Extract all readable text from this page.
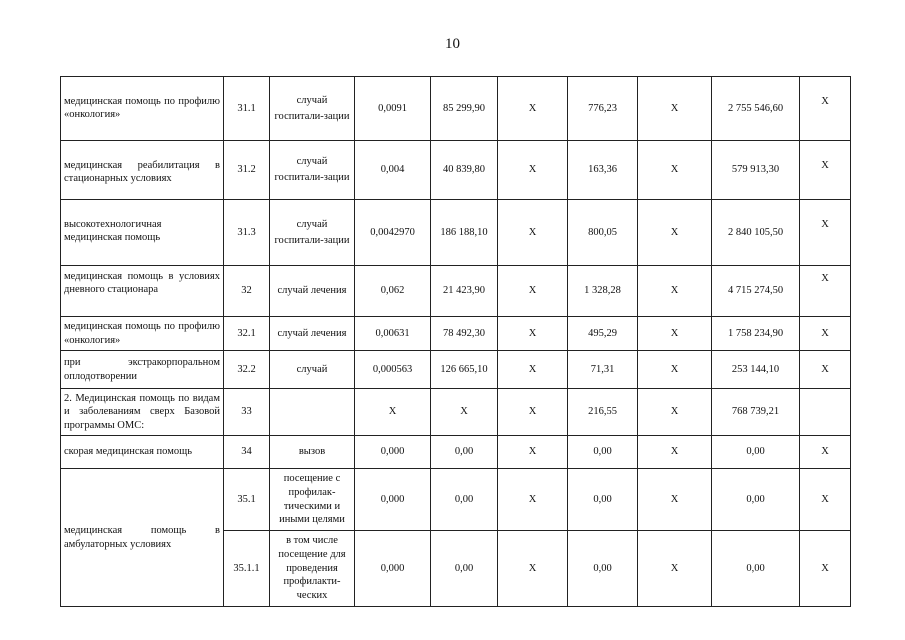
10
медицинская помощь по профилю «онкология»	31.1	случай госпитали-зации	0,0091	85 299,90	X	776,23	X	2 755 546,60	X
медицинская реабилитация в стационарных условиях	31.2	случай госпитали-зации	0,004	40 839,80	X	163,36	X	579 913,30	X
высокотехнологичная медицинская помощь	31.3	случай госпитали-зации	0,0042970	186 188,10	X	800,05	X	2 840 105,50	X
медицинская помощь в условиях дневного стационара	32	случай лечения	0,062	21 423,90	X	1 328,28	X	4 715 274,50	X
медицинская помощь по профилю «онкология»	32.1	случай лечения	0,00631	78 492,30	X	495,29	X	1 758 234,90	X
при экстракорпоральном оплодотворении	32.2	случай	0,000563	126 665,10	X	71,31	X	253 144,10	X
2. Медицинская помощь по видам и заболеваниям сверх Базовой программы ОМС:	33		X	X	X	216,55	X	768 739,21	
скорая медицинская помощь	34	вызов	0,000	0,00	X	0,00	X	0,00	X
медицинская помощь в амбулаторных условиях	35.1	посещение с профилак-тическими и иными целями	0,000	0,00	X	0,00	X	0,00	X
	35.1.1	в том числе посещение для проведения профилакти-ческих	0,000	0,00	X	0,00	X	0,00	X
